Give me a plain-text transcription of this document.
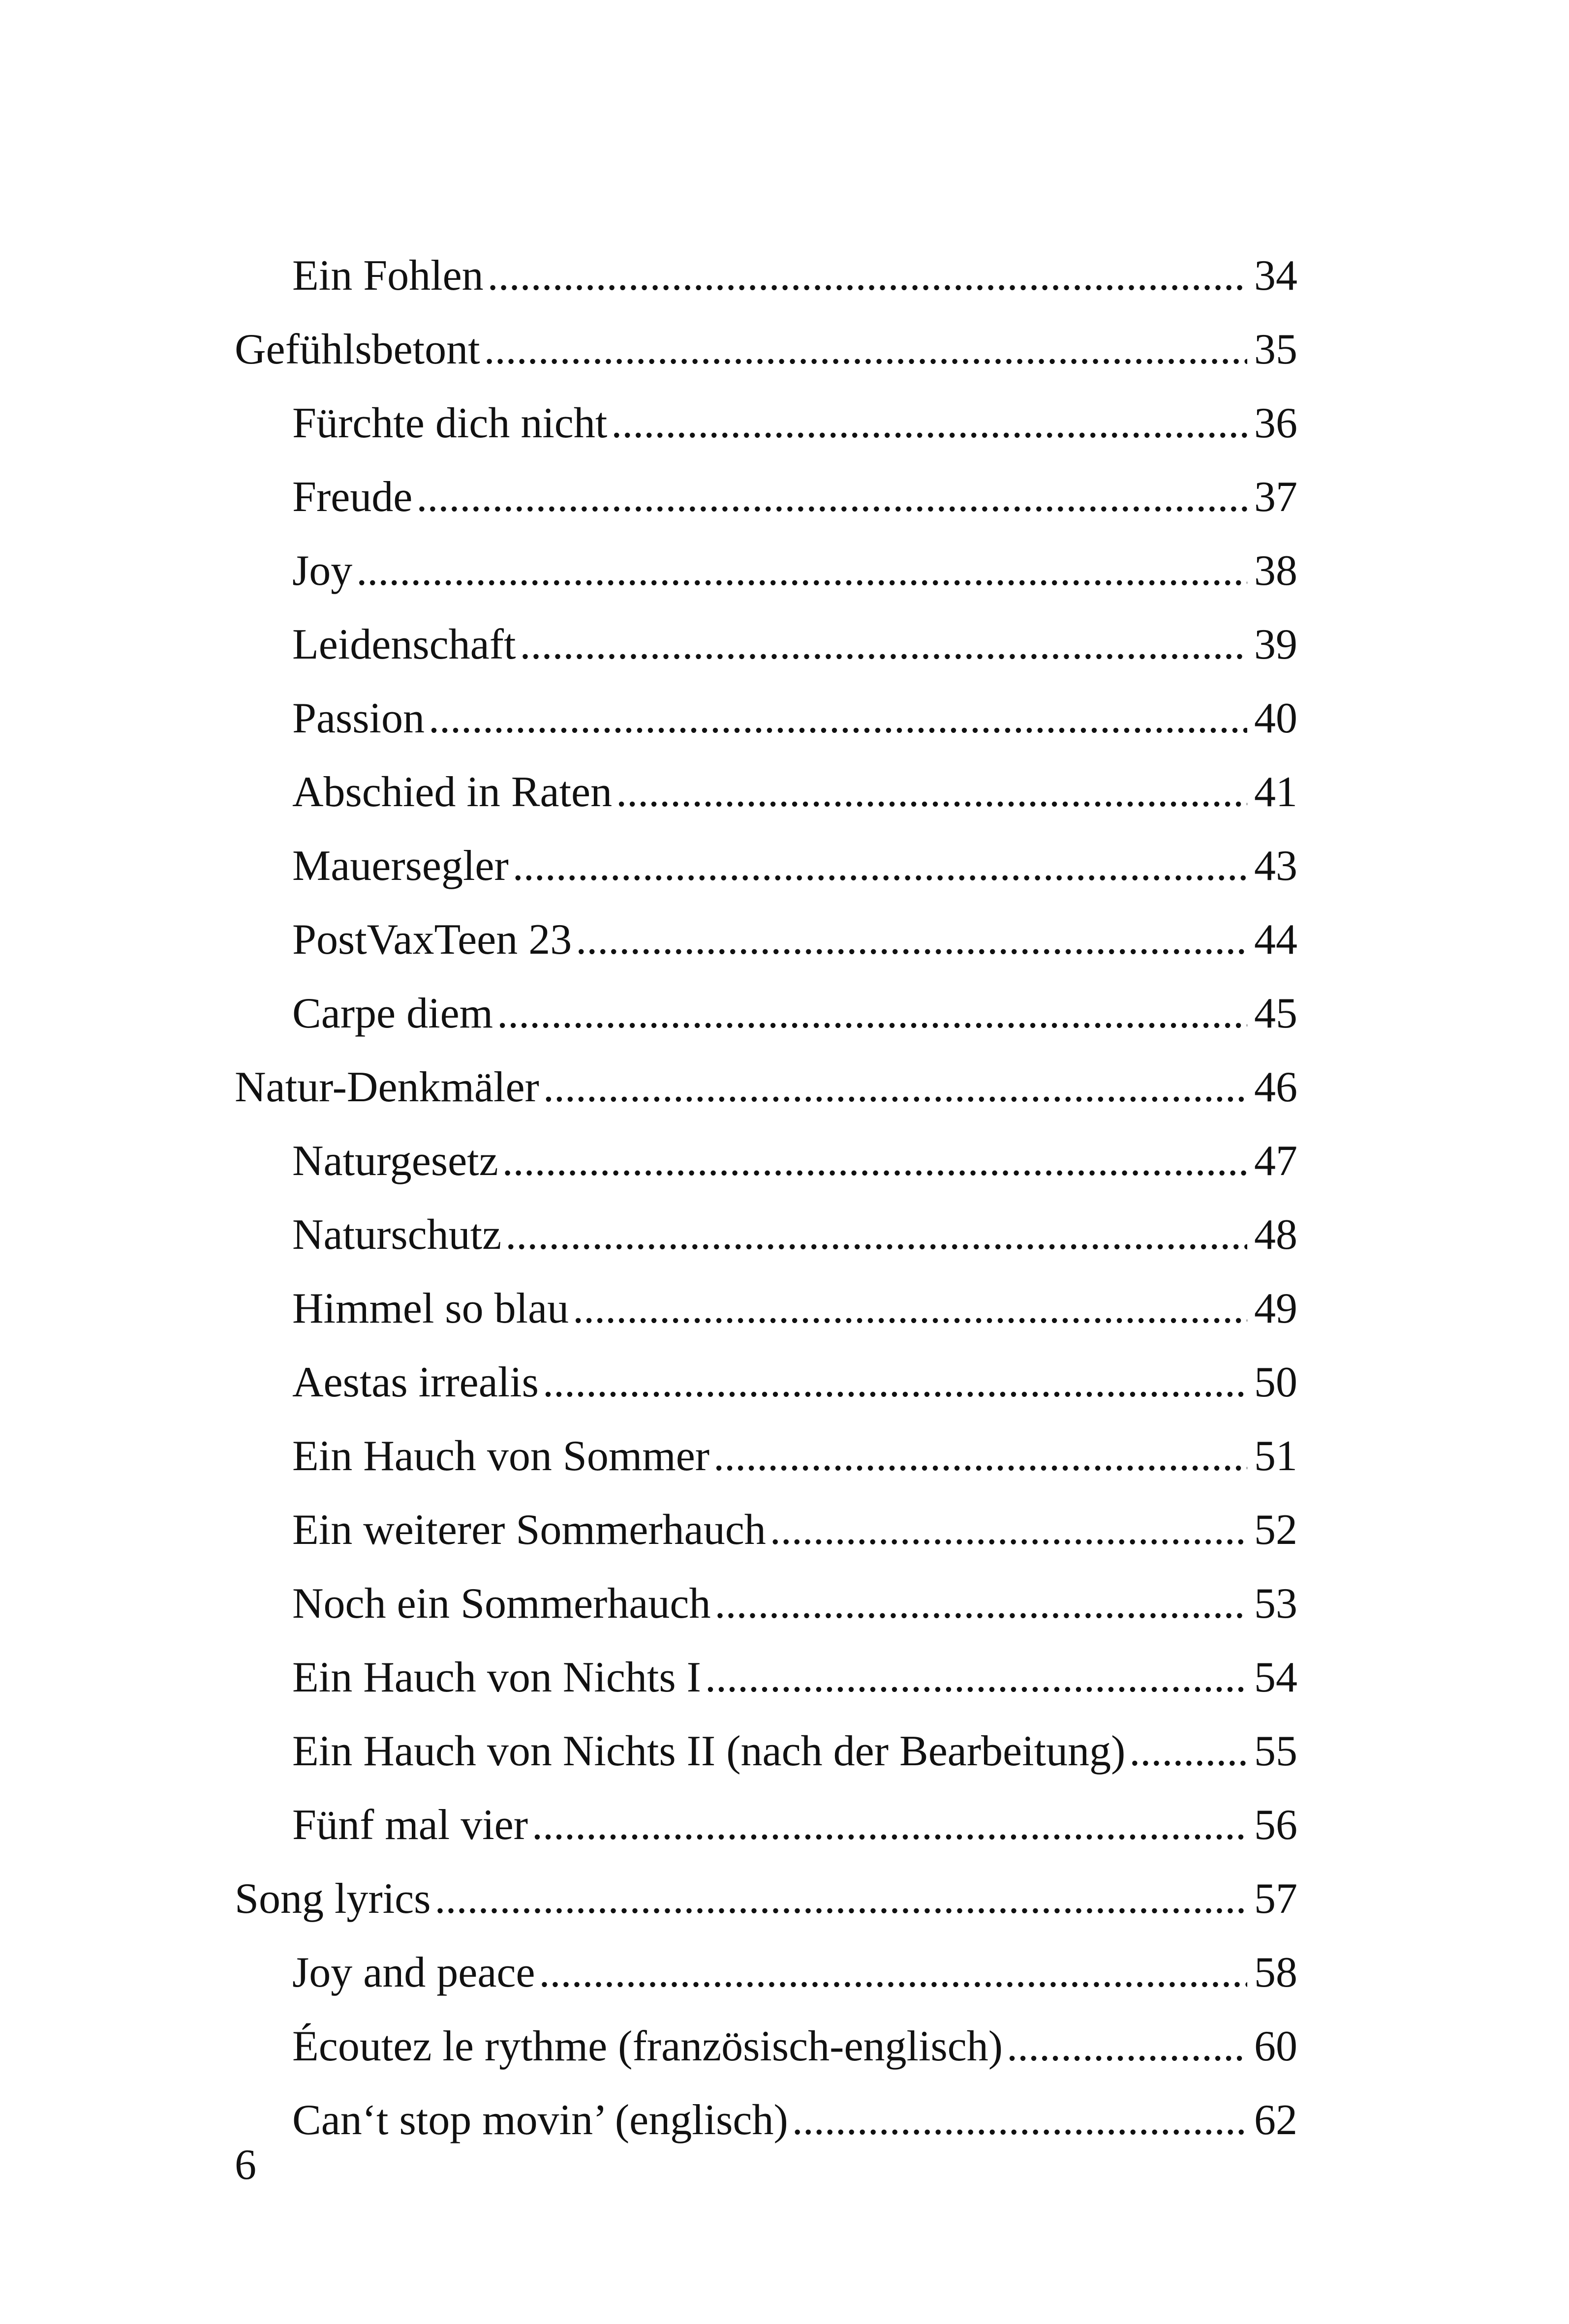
Ein Fohlen .....	34
Gefühlsbetont .....	35
Fürchte dich nicht .....	36
Freude .....	37
Joy .....	38
Leidenschaft .....	39
Passion .....	40
Abschied in Raten .....	41
Mauersegler .....	43
PostVaxTeen 23 .....	44
Carpe diem .....	45
Natur-Denkmäler .....	46
Naturgesetz .....	47
Naturschutz .....	48
Himmel so blau .....	49
Aestas irrealis .....	50
Ein Hauch von Sommer .....	51
Ein weiterer Sommerhauch .....	52
Noch ein Sommerhauch .....	53
Ein Hauch von Nichts I .....	54
Ein Hauch von Nichts II (nach der Bearbeitung) .....	55
Fünf mal vier .....	56
Song lyrics .....	57
Joy and peace .....	58
Écoutez le rythme (französisch-englisch) .....	60
Can‘t stop movin’ (englisch) .....	62
6
